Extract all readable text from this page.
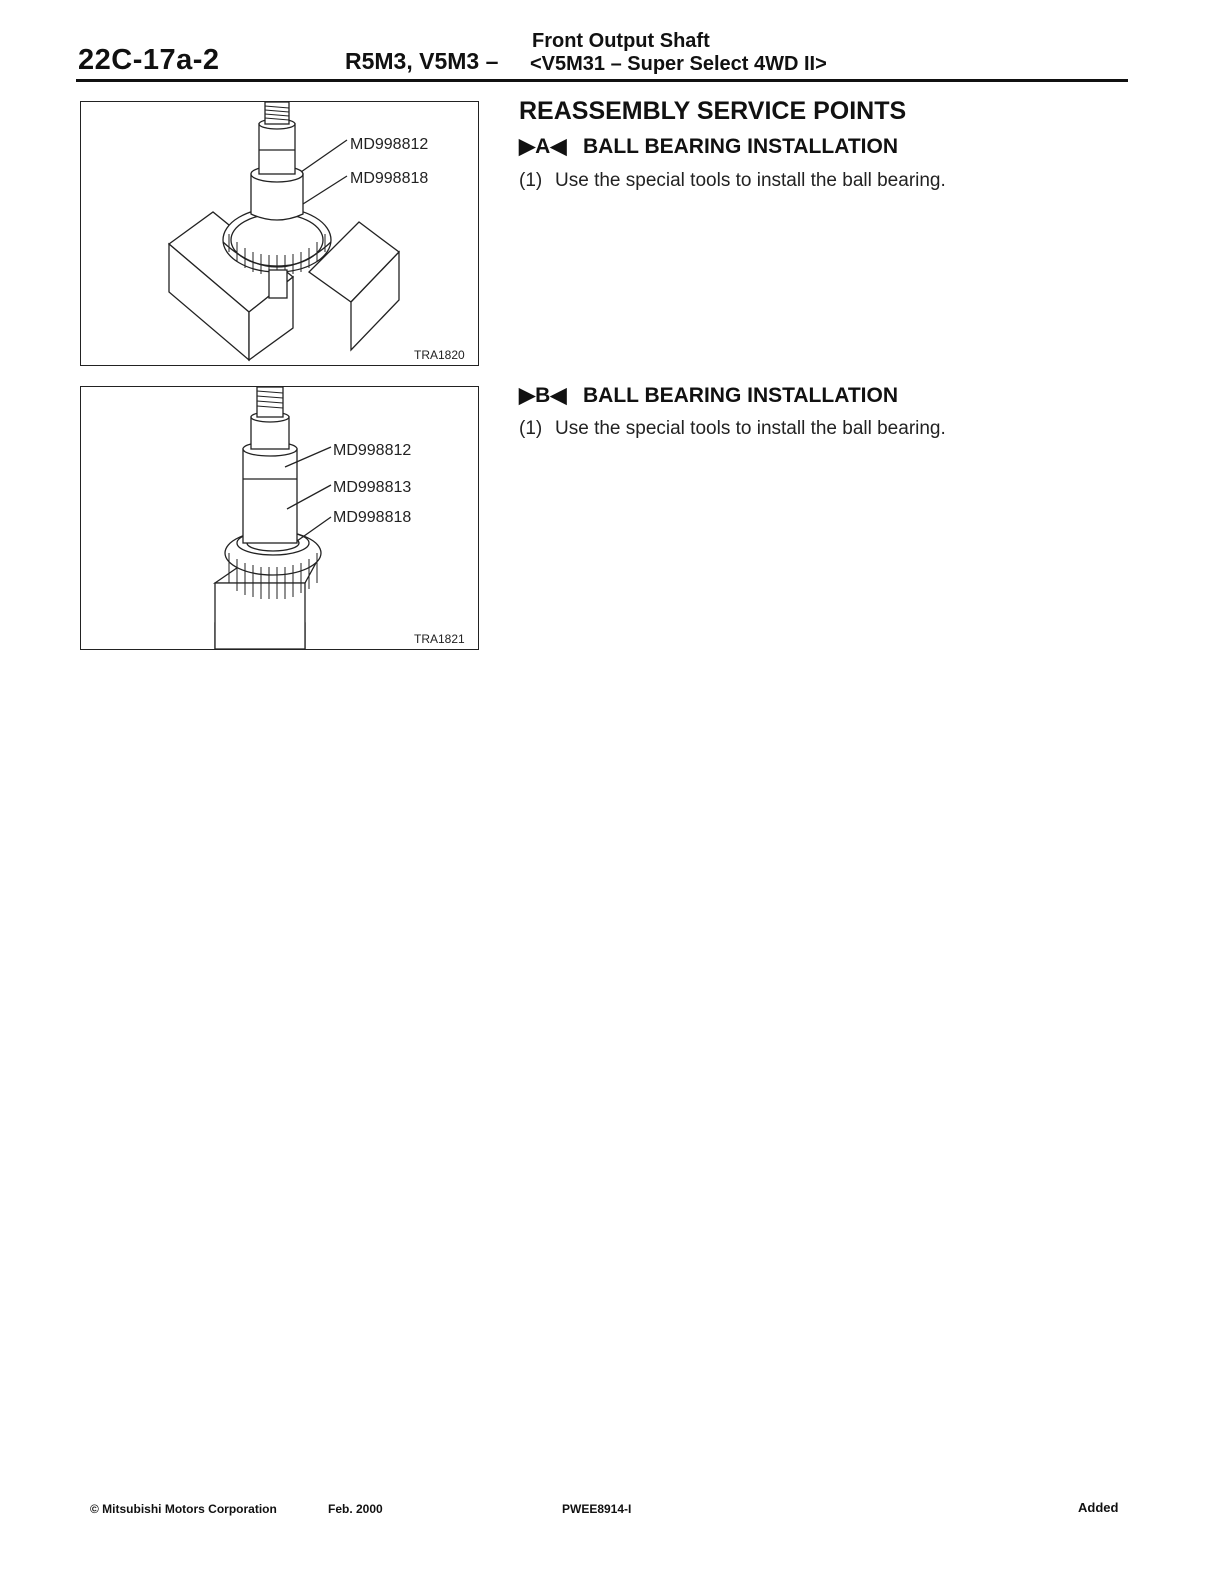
22C-17a-2	R5M3, V5M3 –
Front Output Shaft
<V5M31 – Super Select 4WD II>
MD998812
MD998818
TRA1820
MD998812
MD998813
MD998818
TRA1821
REASSEMBLY SERVICE POINTS
▶A◀ BALL BEARING INSTALLATION
(1) Use the special tools to install the ball bearing.
▶B◀ BALL BEARING INSTALLATION
(1) Use the special tools to install the ball bearing.
© Mitsubishi Motors Corporation	Feb. 2000	PWEE8914-I	Added
